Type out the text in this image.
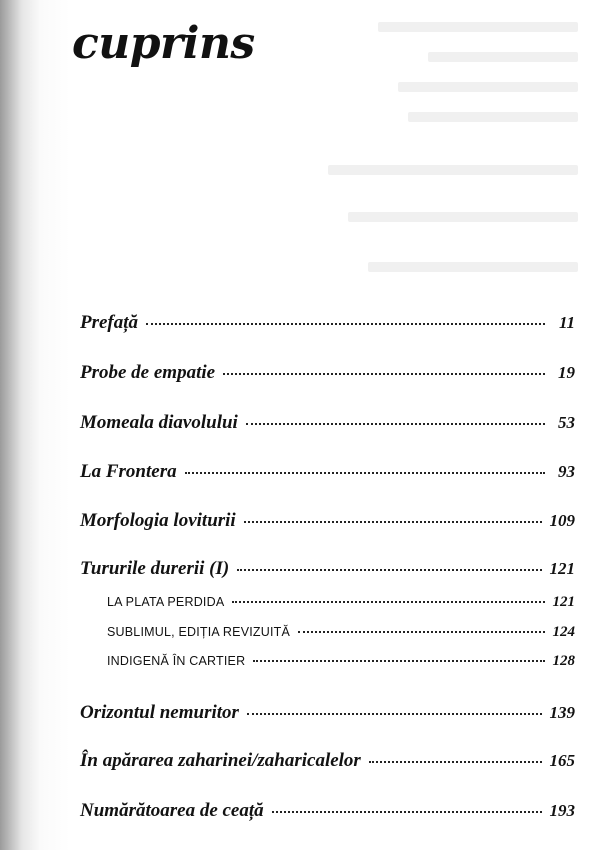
cuprins
Prefață	11
Probe de empatie	19
Momeala diavolului	53
La Frontera	93
Morfologia loviturii	109
Tururile durerii (I)	121
LA PLATA PERDIDA	121
SUBLIMUL, EDIȚIA REVIZUITĂ	124
INDIGENĂ ÎN CARTIER	128
Orizontul nemuritor	139
În apărarea zaharinei/zaharicalelor	165
Numărătoarea de ceață	193
